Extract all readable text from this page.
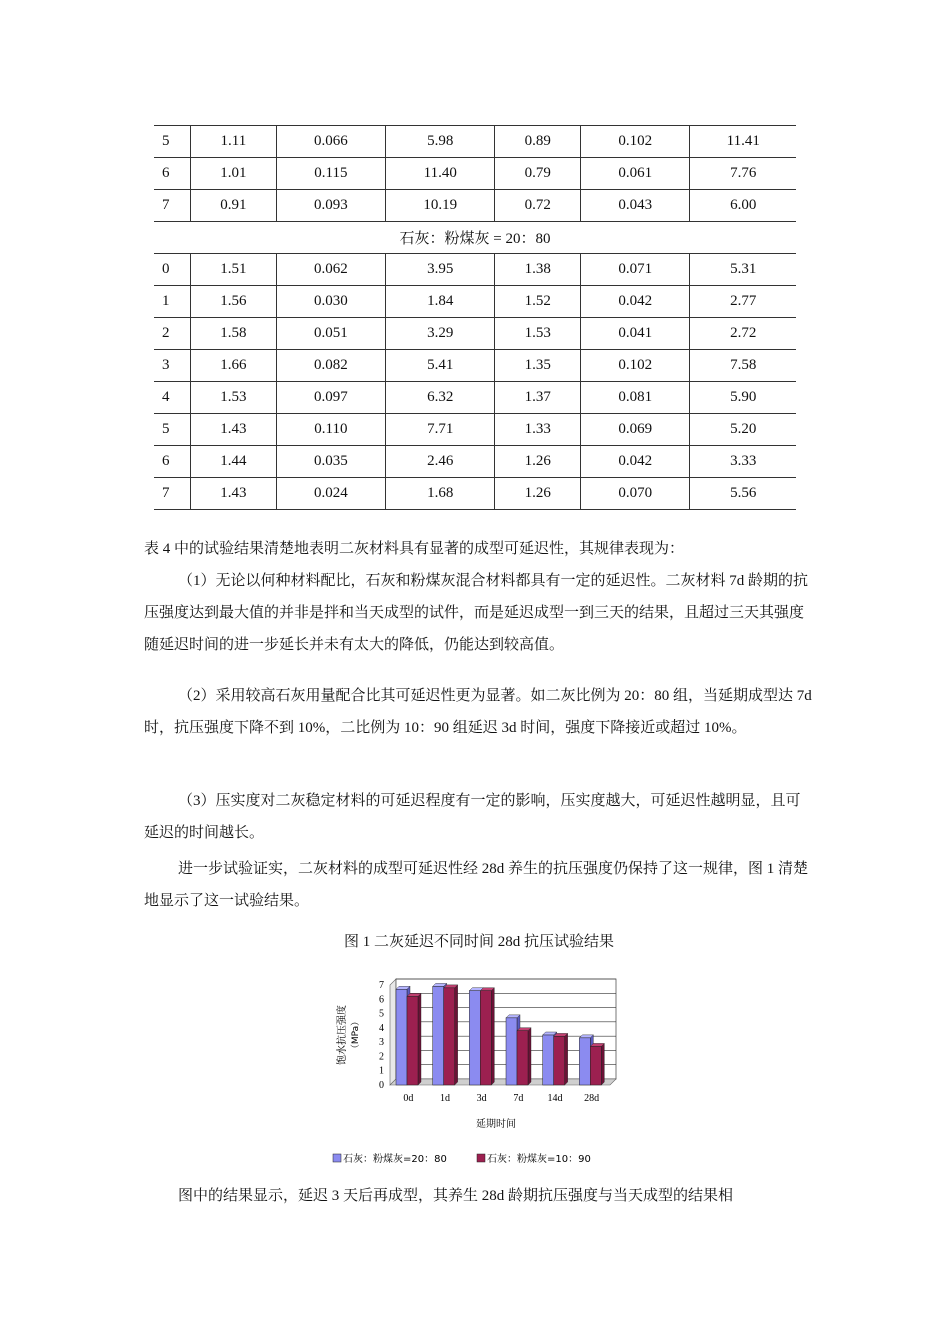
5	1.11	0.066	5.98	0.89	0.102	11.41
6	1.01	0.115	11.40	0.79	0.061	7.76
7	0.91	0.093	10.19	0.72	0.043	6.00
石灰：粉煤灰 = 20：80						
0	1.51	0.062	3.95	1.38	0.071	5.31
1	1.56	0.030	1.84	1.52	0.042	2.77
2	1.58	0.051	3.29	1.53	0.041	2.72
3	1.66	0.082	5.41	1.35	0.102	7.58
4	1.53	0.097	6.32	1.37	0.081	5.90
5	1.43	0.110	7.71	1.33	0.069	5.20
6	1.44	0.035	2.46	1.26	0.042	3.33
7	1.43	0.024	1.68	1.26	0.070	5.56

表 4 中的试验结果清楚地表明二灰材料具有显著的成型可延迟性，其规律表现为：

（1）无论以何种材料配比，石灰和粉煤灰混合材料都具有一定的延迟性。二灰材料 7d 龄期的抗压强度达到最大值的并非是拌和当天成型的试件，而是延迟成型一到三天的结果，且超过三天其强度随延迟时间的进一步延长并未有太大的降低，仍能达到较高值。

（2）采用较高石灰用量配合比其可延迟性更为显著。如二灰比例为 20：80 组，当延期成型达 7d 时，抗压强度下降不到 10%，二比例为 10：90 组延迟 3d 时间，强度下降接近或超过 10%。

（3）压实度对二灰稳定材料的可延迟程度有一定的影响，压实度越大，可延迟性越明显，且可延迟的时间越长。

进一步试验证实，二灰材料的成型可延迟性经 28d 养生的抗压强度仍保持了这一规律，图 1 清楚地显示了这一试验结果。

图 1 二灰延迟不同时间 28d 抗压试验结果
0
1
2
3
4
5
6
7
0d	1d	3d	7d 14d 28d
延期时间
饱水抗压强度 （MPa）
石灰：粉煤灰=20：80	石灰：粉煤灰=10：90

图中的结果显示，延迟 3 天后再成型，其养生 28d 龄期抗压强度与当天成型的结果相
